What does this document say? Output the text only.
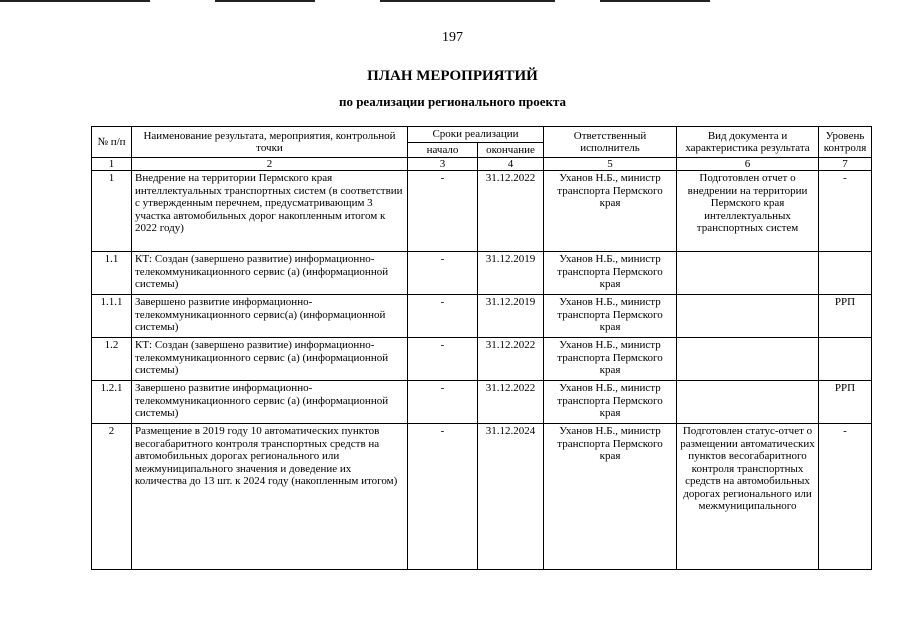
197
ПЛАН МЕРОПРИЯТИЙ
по реализации регионального проекта
№ п/п	Наименование результата, мероприятия, контрольной точки	Сроки реализации		Ответственный исполнитель	Вид документа и характеристика результата	Уровень контроля
		начало	окончание			
1	2	3	4	5	6	7
1	Внедрение на территории Пермского края интеллектуальных транспортных систем (в соответствии с утвержденным перечнем, предусматривающим 3 участка автомобильных дорог накопленным итогом к 2022 году)	-	31.12.2022	Уханов Н.Б., министр транспорта Пермского края	Подготовлен отчет о внедрении на территории Пермского края интеллектуальных транспортных систем	-
1.1	КТ: Создан (завершено развитие) информационно-телекоммуникационного сервис (а) (информационной системы)	-	31.12.2019	Уханов Н.Б., министр транспорта Пермского края		
1.1.1	Завершено развитие информационно-телекоммуникационного сервис(а) (информационной системы)	-	31.12.2019	Уханов Н.Б., министр транспорта Пермского края		РРП
1.2	КТ: Создан (завершено развитие) информационно-телекоммуникационного сервис (а) (информационной системы)	-	31.12.2022	Уханов Н.Б., министр транспорта Пермского края		
1.2.1	Завершено развитие информационно-телекоммуникационного сервис (а) (информационной системы)	-	31.12.2022	Уханов Н.Б., министр транспорта Пермского края		РРП
2	Размещение в 2019 году 10 автоматических пунктов весогабаритного контроля транспортных средств на автомобильных дорогах регионального или межмуниципального значения и доведение их количества до 13 шт. к 2024 году (накопленным итогом)	-	31.12.2024	Уханов Н.Б., министр транспорта Пермского края	Подготовлен статус-отчет о размещении автоматических пунктов весогабаритного контроля транспортных средств на автомобильных дорогах регионального или межмуниципального	-
